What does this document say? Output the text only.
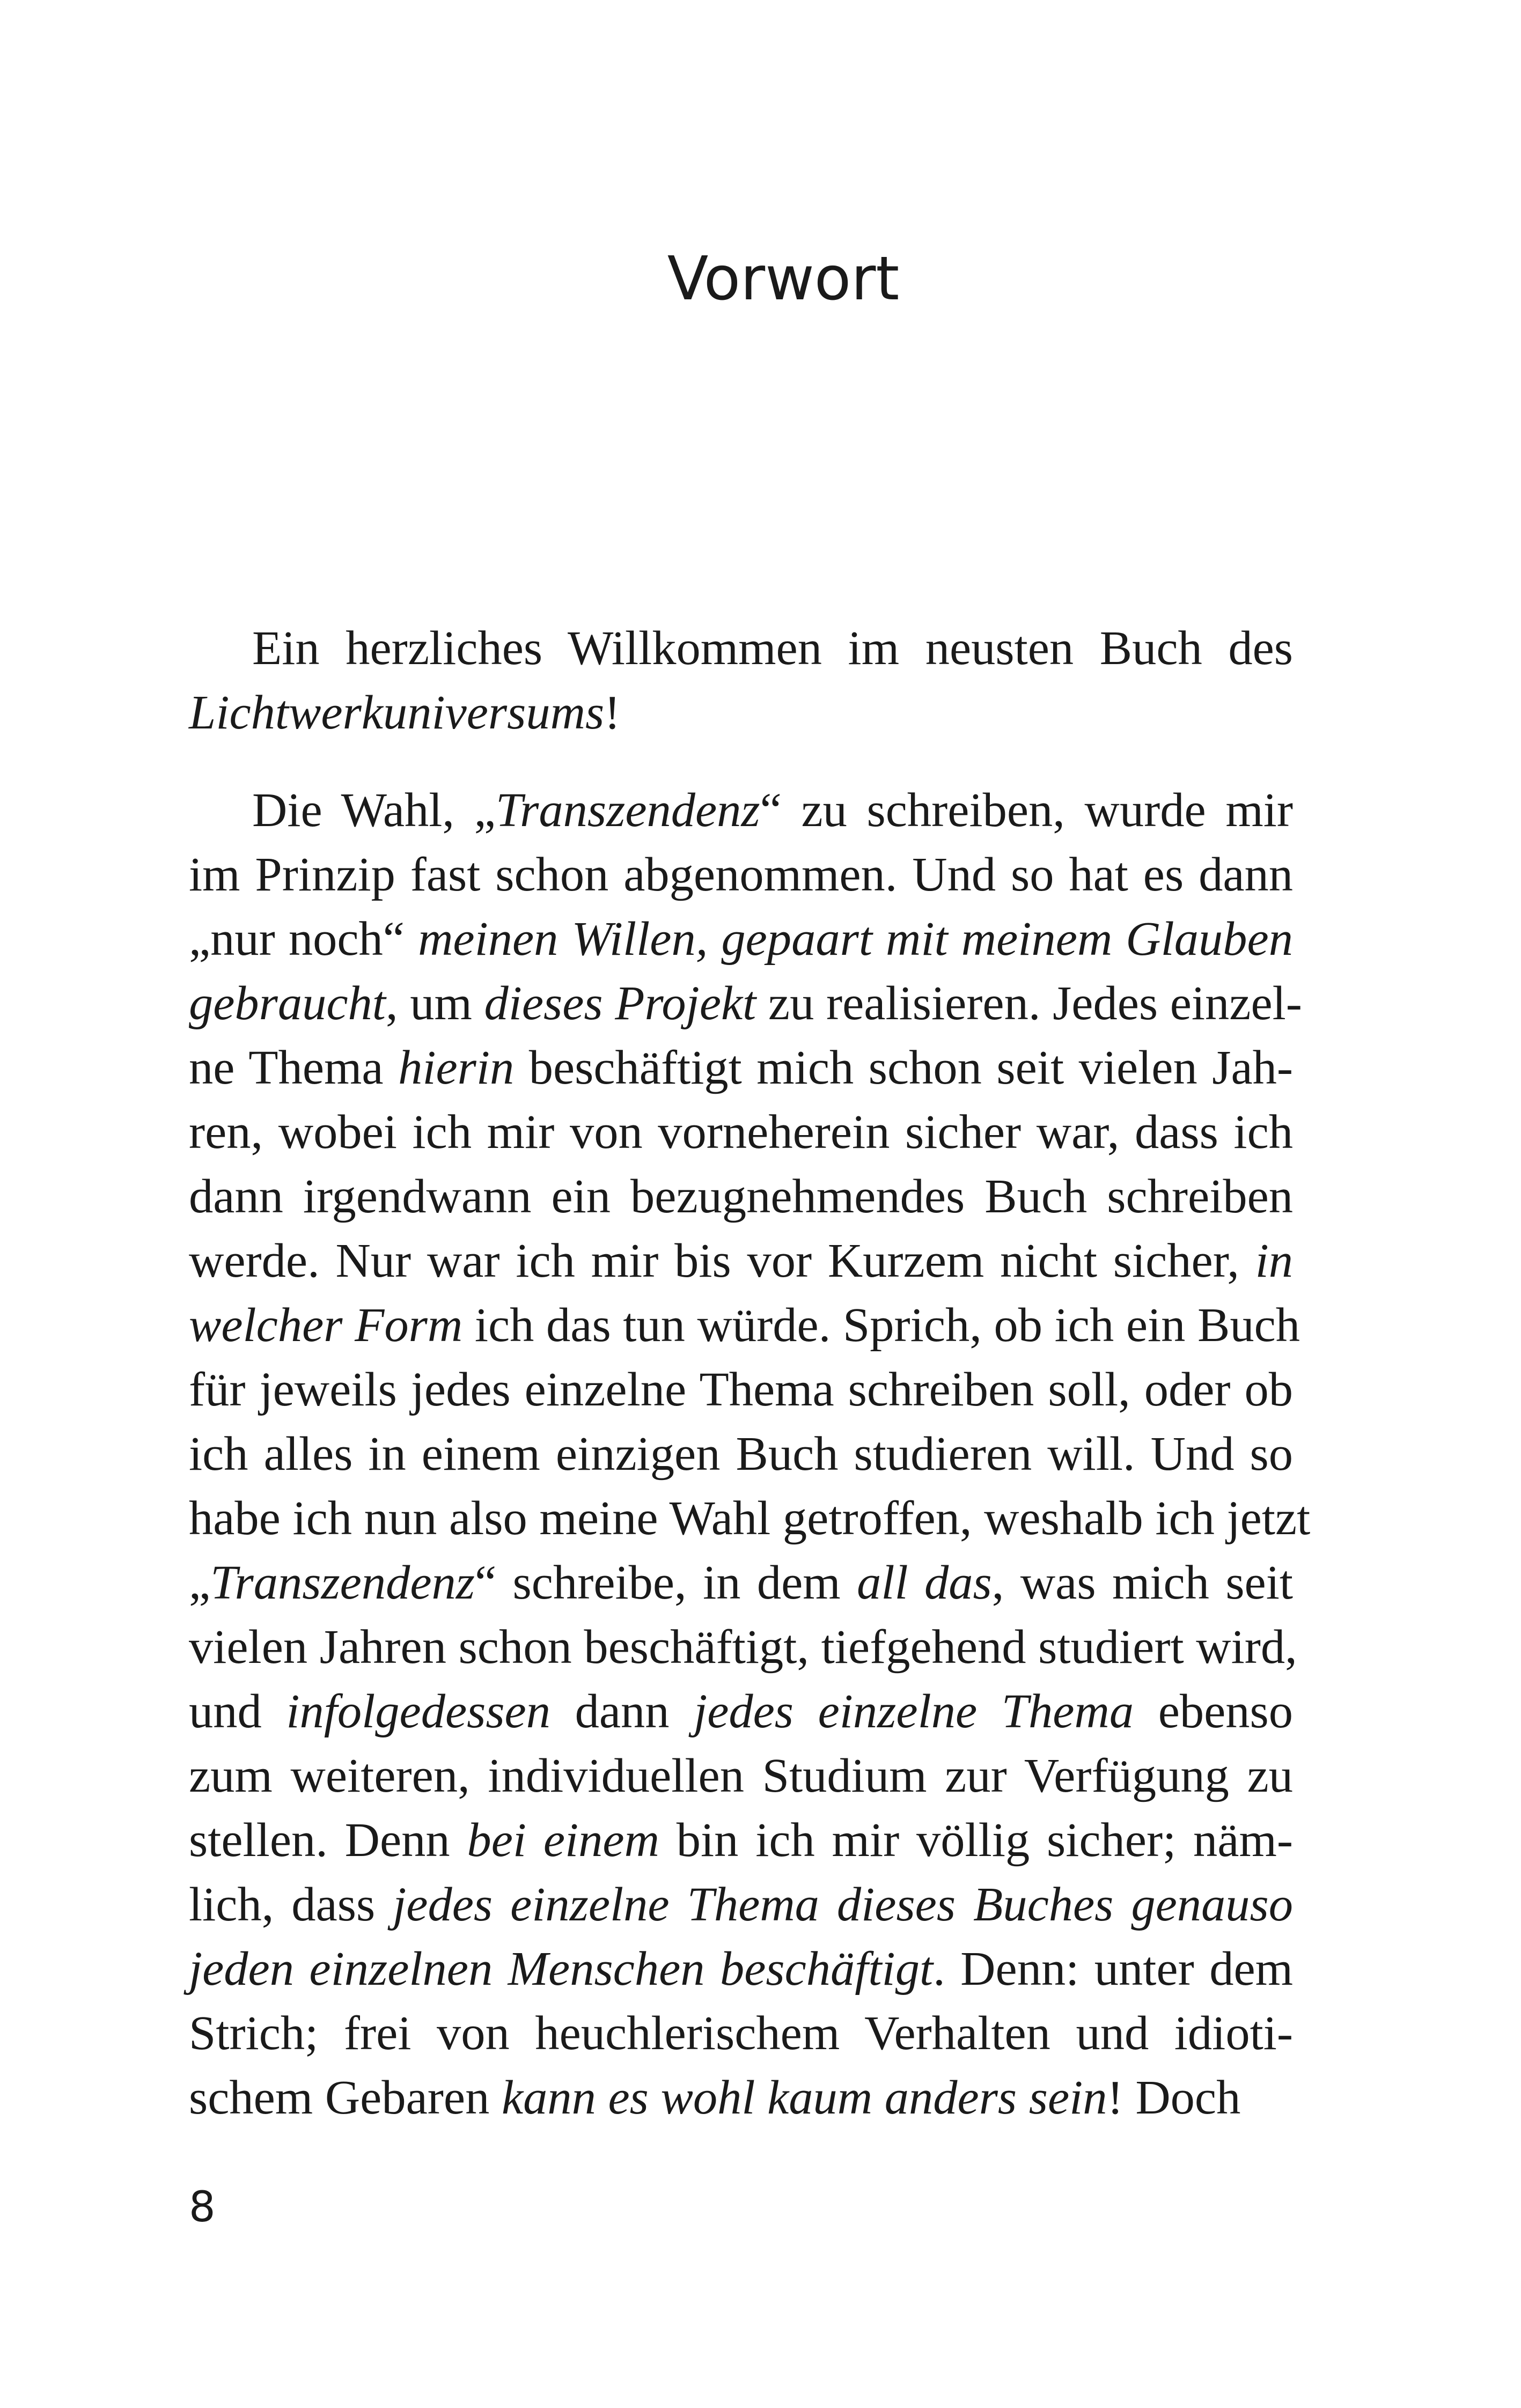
Vorwort
Ein herzliches Willkommen im neusten Buch des
Lichtwerkuniversums!
Die Wahl, „Transzendenz“ zu schreiben, wurde mir
im Prinzip fast schon abgenommen. Und so hat es dann
„nur noch“ meinen Willen, gepaart mit meinem Glauben
gebraucht, um dieses Projekt zu realisieren. Jedes einzel-
ne Thema hierin beschäftigt mich schon seit vielen Jah-
ren, wobei ich mir von vorneherein sicher war, dass ich
dann irgendwann ein bezugnehmendes Buch schreiben
werde. Nur war ich mir bis vor Kurzem nicht sicher, in
welcher Form ich das tun würde. Sprich, ob ich ein Buch
für jeweils jedes einzelne Thema schreiben soll, oder ob
ich alles in einem einzigen Buch studieren will. Und so
habe ich nun also meine Wahl getroffen, weshalb ich jetzt
„Transzendenz“ schreibe, in dem all das, was mich seit
vielen Jahren schon beschäftigt, tiefgehend studiert wird,
und infolgedessen dann jedes einzelne Thema ebenso
zum weiteren, individuellen Studium zur Verfügung zu
stellen. Denn bei einem bin ich mir völlig sicher; näm-
lich, dass jedes einzelne Thema dieses Buches genauso
jeden einzelnen Menschen beschäftigt. Denn: unter dem
Strich; frei von heuchlerischem Verhalten und idioti-
schem Gebaren kann es wohl kaum anders sein! Doch
8
